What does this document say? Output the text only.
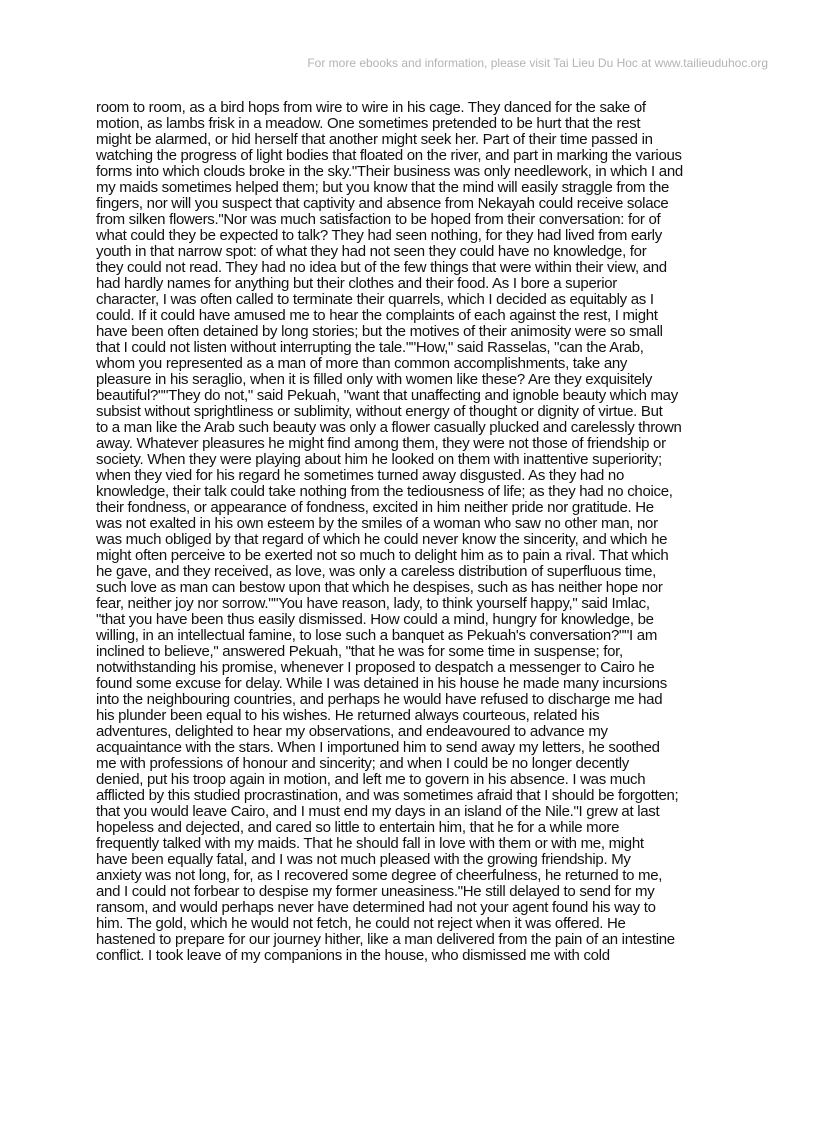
For more ebooks and information, please visit Tai Lieu Du Hoc at www.tailieuduhoc.org
room to room, as a bird hops from wire to wire in his cage. They danced for the sake of
motion, as lambs frisk in a meadow. One sometimes pretended to be hurt that the rest
might be alarmed, or hid herself that another might seek her. Part of their time passed in
watching the progress of light bodies that floated on the river, and part in marking the various
forms into which clouds broke in the sky."Their business was only needlework, in which I and
my maids sometimes helped them; but you know that the mind will easily straggle from the
fingers, nor will you suspect that captivity and absence from Nekayah could receive solace
from silken flowers."Nor was much satisfaction to be hoped from their conversation: for of
what could they be expected to talk? They had seen nothing, for they had lived from early
youth in that narrow spot: of what they had not seen they could have no knowledge, for
they could not read. They had no idea but of the few things that were within their view, and
had hardly names for anything but their clothes and their food. As I bore a superior
character, I was often called to terminate their quarrels, which I decided as equitably as I
could. If it could have amused me to hear the complaints of each against the rest, I might
have been often detained by long stories; but the motives of their animosity were so small
that I could not listen without interrupting the tale.""How," said Rasselas, "can the Arab,
whom you represented as a man of more than common accomplishments, take any
pleasure in his seraglio, when it is filled only with women like these? Are they exquisitely
beautiful?""They do not," said Pekuah, "want that unaffecting and ignoble beauty which may
subsist without sprightliness or sublimity, without energy of thought or dignity of virtue. But
to a man like the Arab such beauty was only a flower casually plucked and carelessly thrown
away. Whatever pleasures he might find among them, they were not those of friendship or
society. When they were playing about him he looked on them with inattentive superiority;
when they vied for his regard he sometimes turned away disgusted. As they had no
knowledge, their talk could take nothing from the tediousness of life; as they had no choice,
their fondness, or appearance of fondness, excited in him neither pride nor gratitude. He
was not exalted in his own esteem by the smiles of a woman who saw no other man, nor
was much obliged by that regard of which he could never know the sincerity, and which he
might often perceive to be exerted not so much to delight him as to pain a rival. That which
he gave, and they received, as love, was only a careless distribution of superfluous time,
such love as man can bestow upon that which he despises, such as has neither hope nor
fear, neither joy nor sorrow.""You have reason, lady, to think yourself happy," said Imlac,
"that you have been thus easily dismissed. How could a mind, hungry for knowledge, be
willing, in an intellectual famine, to lose such a banquet as Pekuah's conversation?""I am
inclined to believe," answered Pekuah, "that he was for some time in suspense; for,
notwithstanding his promise, whenever I proposed to despatch a messenger to Cairo he
found some excuse for delay. While I was detained in his house he made many incursions
into the neighbouring countries, and perhaps he would have refused to discharge me had
his plunder been equal to his wishes. He returned always courteous, related his
adventures, delighted to hear my observations, and endeavoured to advance my
acquaintance with the stars. When I importuned him to send away my letters, he soothed
me with professions of honour and sincerity; and when I could be no longer decently
denied, put his troop again in motion, and left me to govern in his absence. I was much
afflicted by this studied procrastination, and was sometimes afraid that I should be forgotten;
that you would leave Cairo, and I must end my days in an island of the Nile."I grew at last
hopeless and dejected, and cared so little to entertain him, that he for a while more
frequently talked with my maids. That he should fall in love with them or with me, might
have been equally fatal, and I was not much pleased with the growing friendship. My
anxiety was not long, for, as I recovered some degree of cheerfulness, he returned to me,
and I could not forbear to despise my former uneasiness."He still delayed to send for my
ransom, and would perhaps never have determined had not your agent found his way to
him. The gold, which he would not fetch, he could not reject when it was offered. He
hastened to prepare for our journey hither, like a man delivered from the pain of an intestine
conflict. I took leave of my companions in the house, who dismissed me with cold
